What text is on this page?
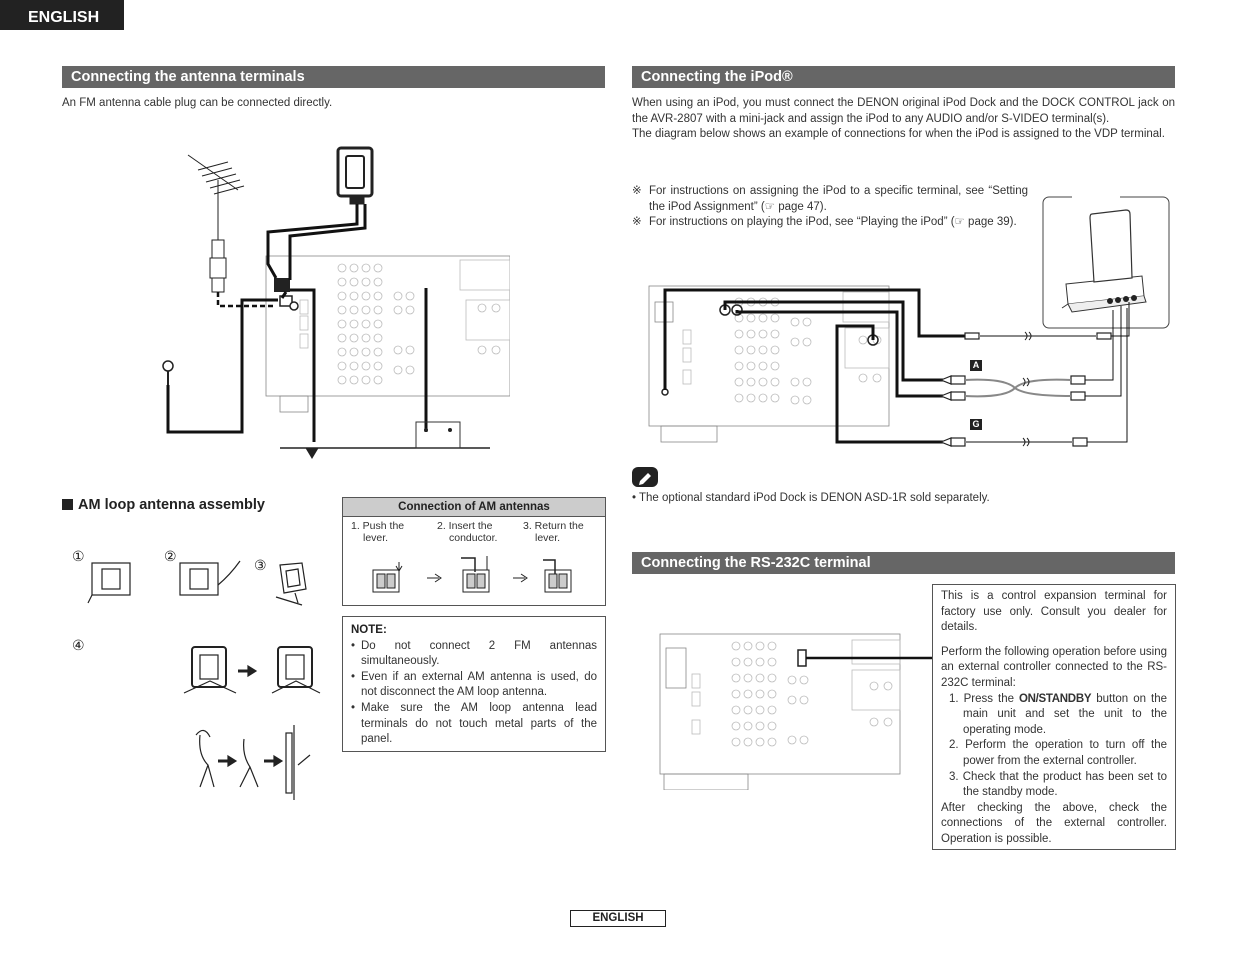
ENGLISH
Connecting the antenna terminals
An FM antenna cable plug can be connected directly.
AM loop antenna assembly
①	②
③
④
Connection of AM antennas
1. Push the
lever.
2. Insert the
conductor.
3. Return the
lever.
NOTE:
• Do not connect 2 FM antennas simultaneously.
• Even if an external AM antenna is used, do not disconnect the AM loop antenna.
• Make sure the AM loop antenna lead terminals do not touch metal parts of the panel.
Connecting the iPod®
When using an iPod, you must connect the DENON original iPod Dock and the DOCK CONTROL jack on the AVR-2807 with a mini-jack and assign the iPod to any AUDIO and/or S-VIDEO terminal(s).
The diagram below shows an example of connections for when the iPod is assigned to the VDP terminal.
※ For instructions on assigning the iPod to a specific terminal, see “Setting the iPod Assignment” (☞ page 47).
※ For instructions on playing the iPod, see “Playing the iPod” (☞ page 39).
A
G
• The optional standard iPod Dock is DENON ASD-1R sold separately.
Connecting the RS-232C terminal
This is a control expansion terminal for factory use only. Consult you dealer for details.
Perform the following operation before using an external controller connected to the RS-232C terminal:
1. Press the ON/STANDBY button on the main unit and set the unit to the operating mode.
2. Perform the operation to turn off the power from the external controller.
3. Check that the product has been set to the standby mode.
After checking the above, check the connections of the external controller. Operation is possible.
ENGLISH
